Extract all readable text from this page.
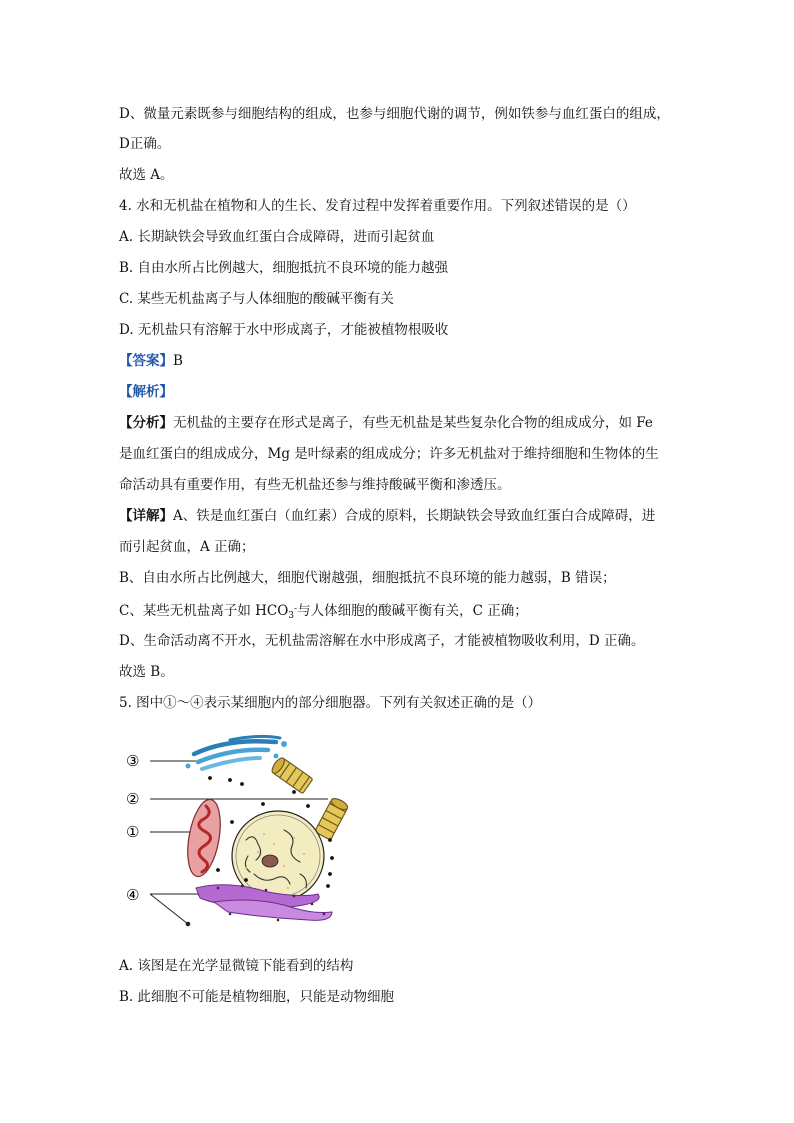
D、微量元素既参与细胞结构的组成，也参与细胞代谢的调节，例如铁参与血红蛋白的组成，
D正确。
故选 A。
4. 水和无机盐在植物和人的生长、发育过程中发挥着重要作用。下列叙述错误的是（）
A. 长期缺铁会导致血红蛋白合成障碍，进而引起贫血
B. 自由水所占比例越大，细胞抵抗不良环境的能力越强
C. 某些无机盐离子与人体细胞的酸碱平衡有关
D. 无机盐只有溶解于水中形成离子，才能被植物根吸收
【答案】B
【解析】
【分析】无机盐的主要存在形式是离子，有些无机盐是某些复杂化合物的组成成分，如 Fe
是血红蛋白的组成成分，Mg 是叶绿素的组成成分；许多无机盐对于维持细胞和生物体的生
命活动具有重要作用，有些无机盐还参与维持酸碱平衡和渗透压。
【详解】A、铁是血红蛋白（血红素）合成的原料，长期缺铁会导致血红蛋白合成障碍，进
而引起贫血，A 正确；
B、自由水所占比例越大，细胞代谢越强，细胞抵抗不良环境的能力越弱，B 错误；
C、某些无机盐离子如 $HCO_3^-$与人体细胞的酸碱平衡有关，C 正确；
D、生命活动离不开水，无机盐需溶解在水中形成离子，才能被植物吸收利用，D 正确。
故选 B。
5. 图中①～④表示某细胞内的部分细胞器。下列有关叙述正确的是（）
③
②
①
④
A. 该图是在光学显微镜下能看到的结构
B. 此细胞不可能是植物细胞，只能是动物细胞
